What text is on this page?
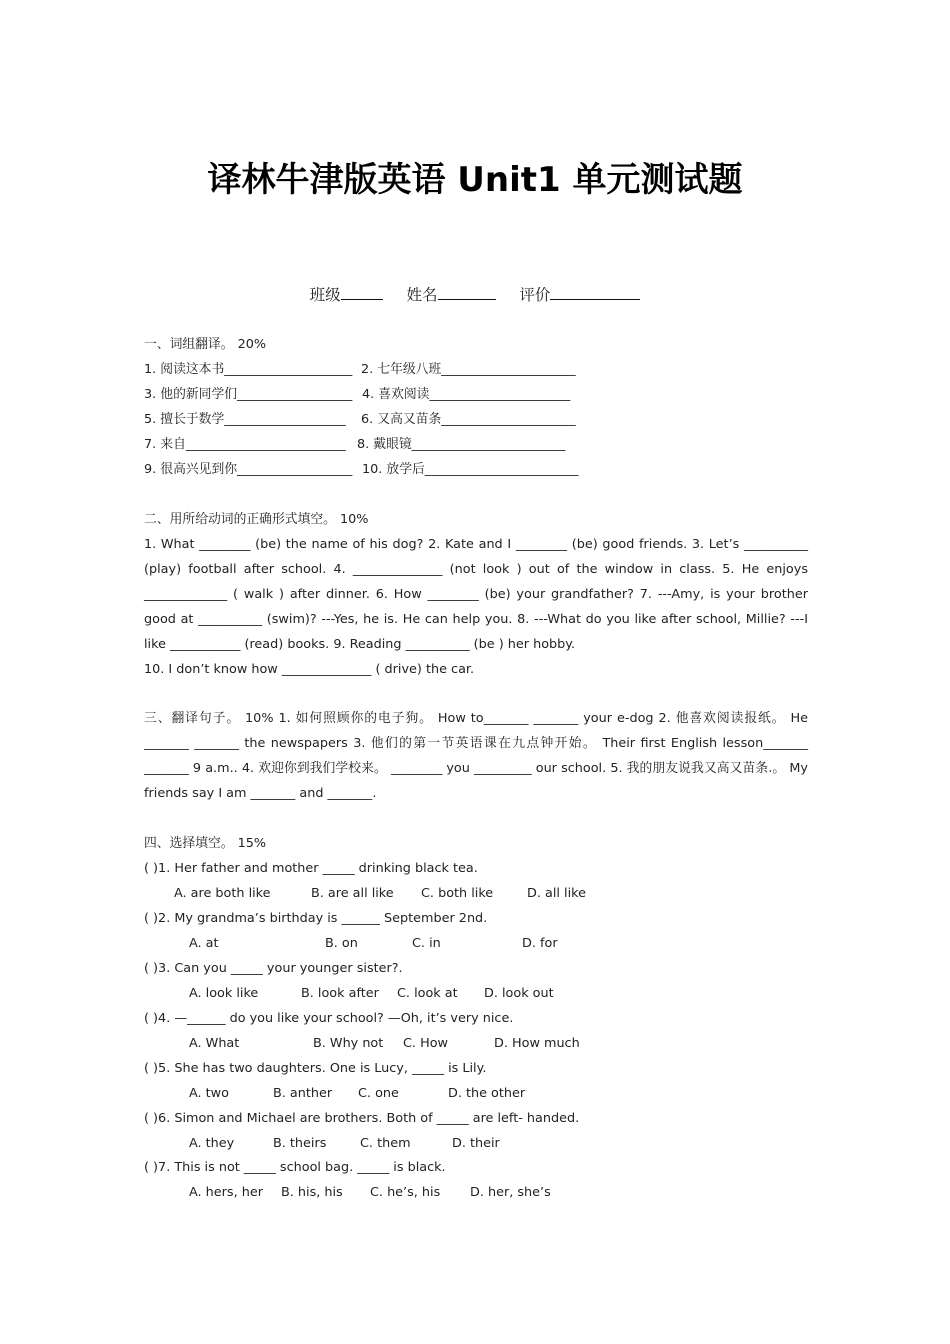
译林牛津版英语 Unit1 单元测试题
班级	姓名	评价
一、词组翻译。 20%
1. 阅读这本书____________________ 2. 七年级八班_____________________
3. 他的新同学们__________________ 4. 喜欢阅读______________________
5. 擅长于数学___________________ 6. 又高又苗条_____________________
7. 来自_________________________ 8. 戴眼镜________________________
9. 很高兴见到你__________________ 10. 放学后________________________
二、用所给动词的正确形式填空。 10%
1. What ________ (be) the name of his dog? 2. Kate and I ________ (be) good friends. 3. Let’s __________ (play) football after school. 4. ______________ (not look ) out of the window in class. 5. He enjoys _____________ ( walk ) after dinner. 6. How ________ (be) your grandfather? 7. ---Amy, is your brother good at __________ (swim)? ---Yes, he is. He can help you. 8. ---What do you like after school, Millie? ---I like ___________ (read) books. 9. Reading __________ (be ) her hobby.
10. I don’t know how ______________ ( drive) the car.
三、翻译句子。 10% 1. 如何照顾你的电子狗。 How to_______ _______ your e-dog 2. 他喜欢阅读报纸。 He _______ _______ the newspapers 3. 他们的第一节英语课在九点钟开始。 Their first English lesson_______ _______ 9 a.m.. 4. 欢迎你到我们学校来。 ________ you _________ our school. 5. 我的朋友说我又高又苗条.。 My friends say I am _______ and _______.
四、选择填空。 15%
( )1. Her father and mother _____ drinking black tea.
A. are both like	B. are all like C. both like	D. all like
( )2. My grandma’s birthday is ______ September 2nd.
A. at	B. on	C. in	D. for
( )3. Can you _____ your younger sister?.
A. look like	B. look after C. look at D. look out
( )4. —______ do you like your school? —Oh, it’s very nice.
A. What	B. Why not C. How	D. How much
( )5. She has two daughters. One is Lucy, _____ is Lily.
A. two	B. anther C. one	D. the other
( )6. Simon and Michael are brothers. Both of _____ are left- handed.
A. they	B. theirs	C. them	D. their
( )7. This is not _____ school bag. _____ is black.
A. hers, her B. his, his C. he’s, his D. her, she’s
